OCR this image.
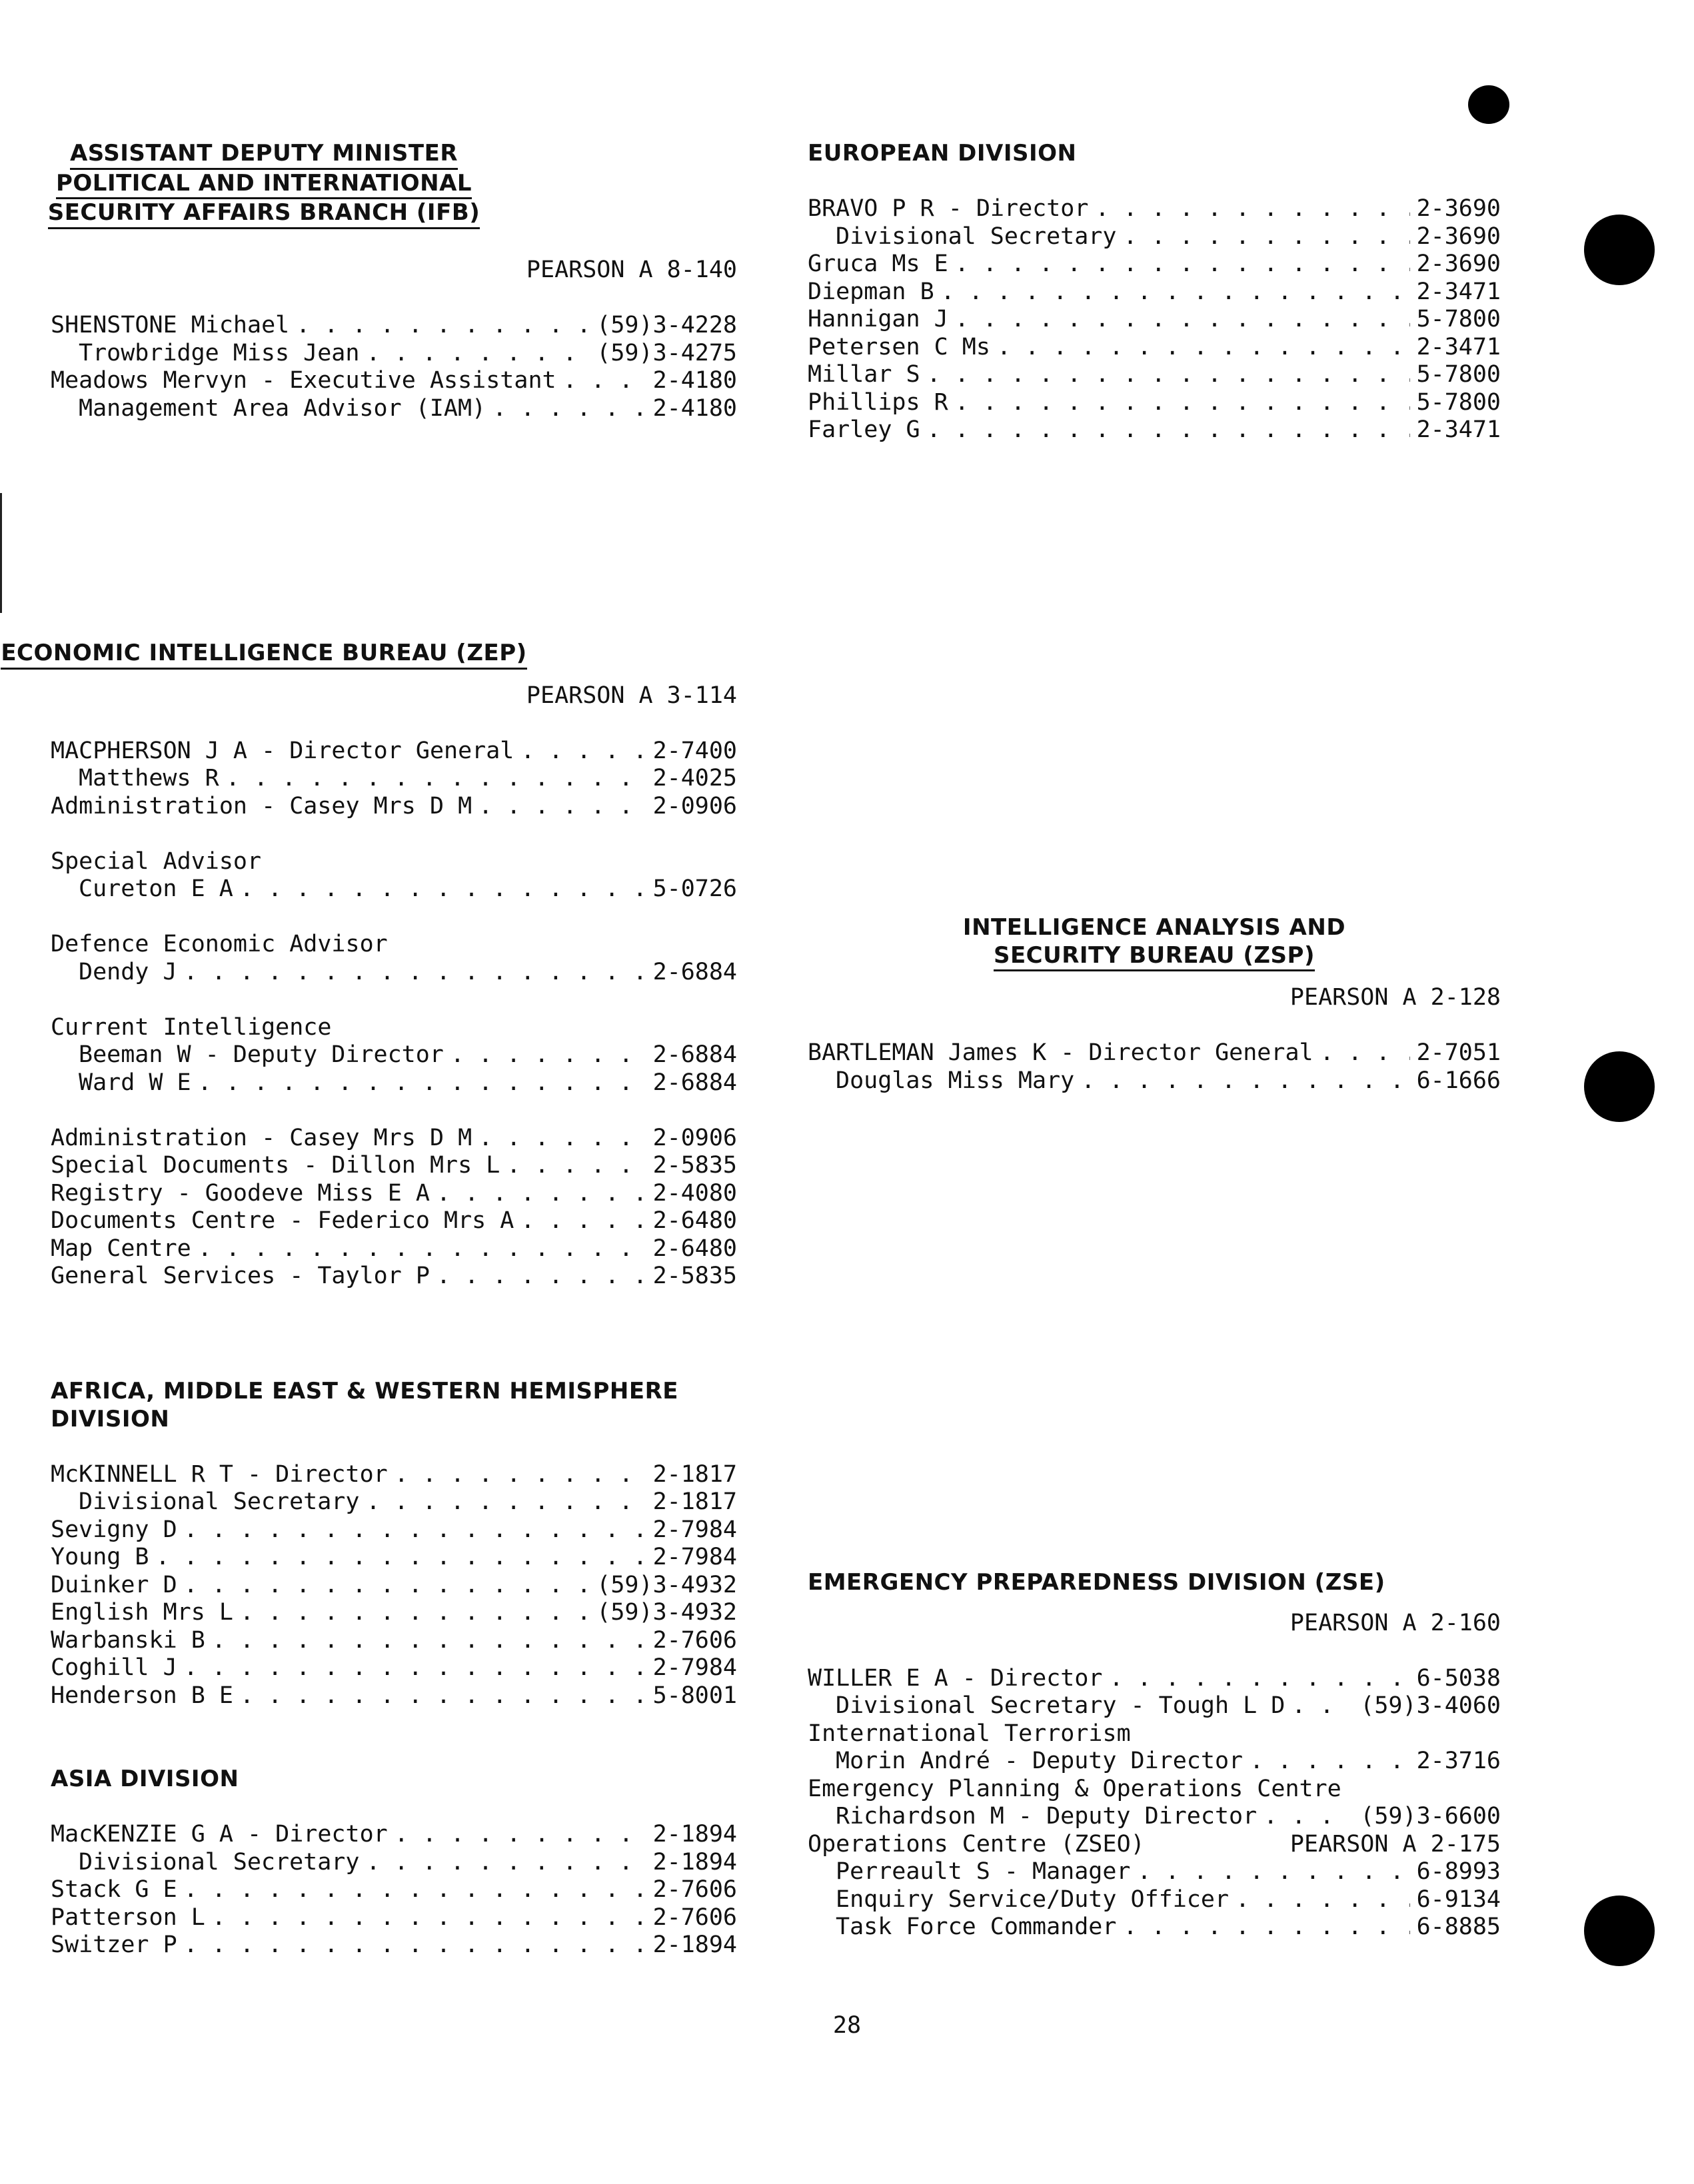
ASSISTANT DEPUTY MINISTER
POLITICAL AND INTERNATIONAL
SECURITY AFFAIRS BRANCH (IFB)
PEARSON A 8-140
SHENSTONE Michael . . .	(59)3-4228
Trowbridge Miss Jean . . .	(59)3-4275
Meadows Mervyn - Executive Assistant . . .	2-4180
Management Area Advisor (IAM) . . .	2-4180
EUROPEAN DIVISION
BRAVO P R - Director . . .	2-3690
Divisional Secretary . . .	2-3690
Gruca Ms E . . .	2-3690
Diepman B . . .	2-3471
Hannigan J . . .	5-7800
Petersen C Ms . . .	2-3471
Millar S . . .	5-7800
Phillips R . . .	5-7800
Farley G . . .	2-3471
ECONOMIC INTELLIGENCE BUREAU (ZEP)
PEARSON A 3-114
MACPHERSON J A - Director General . . .	2-7400
Matthews R . . .	2-4025
Administration - Casey Mrs D M . . .	2-0906
Special Advisor
Cureton E A . . .	5-0726
Defence Economic Advisor
Dendy J . . .	2-6884
Current Intelligence
Beeman W - Deputy Director . . .	2-6884
Ward W E . . .	2-6884
Administration - Casey Mrs D M . . .	2-0906
Special Documents - Dillon Mrs L . . .	2-5835
Registry - Goodeve Miss E A . . .	2-4080
Documents Centre - Federico Mrs A . . .	2-6480
Map Centre . . .	2-6480
General Services - Taylor P . . .	2-5835
INTELLIGENCE ANALYSIS AND
SECURITY BUREAU (ZSP)
PEARSON A 2-128
BARTLEMAN James K - Director General . . .	2-7051
Douglas Miss Mary . . .	6-1666
AFRICA, MIDDLE EAST & WESTERN HEMISPHERE DIVISION
McKINNELL R T - Director . . .	2-1817
Divisional Secretary . . .	2-1817
Sevigny D . . .	2-7984
Young B . . .	2-7984
Duinker D . . .	(59)3-4932
English Mrs L . . .	(59)3-4932
Warbanski B . . .	2-7606
Coghill J . . .	2-7984
Henderson B E . . .	5-8001
ASIA DIVISION
MacKENZIE G A - Director . . .	2-1894
Divisional Secretary . . .	2-1894
Stack G E . . .	2-7606
Patterson L . . .	2-7606
Switzer P . . .	2-1894
EMERGENCY PREPAREDNESS DIVISION (ZSE)
PEARSON A 2-160
WILLER E A - Director . . .	6-5038
Divisional Secretary - Tough L D . . .	(59)3-4060
International Terrorism
Morin André - Deputy Director . . .	2-3716
Emergency Planning & Operations Centre
Richardson M - Deputy Director . . .	(59)3-6600
Operations Centre (ZSEO)	PEARSON A 2-175
Perreault S - Manager . . .	6-8993
Enquiry Service/Duty Officer . . .	6-9134
Task Force Commander . . .	6-8885
28
